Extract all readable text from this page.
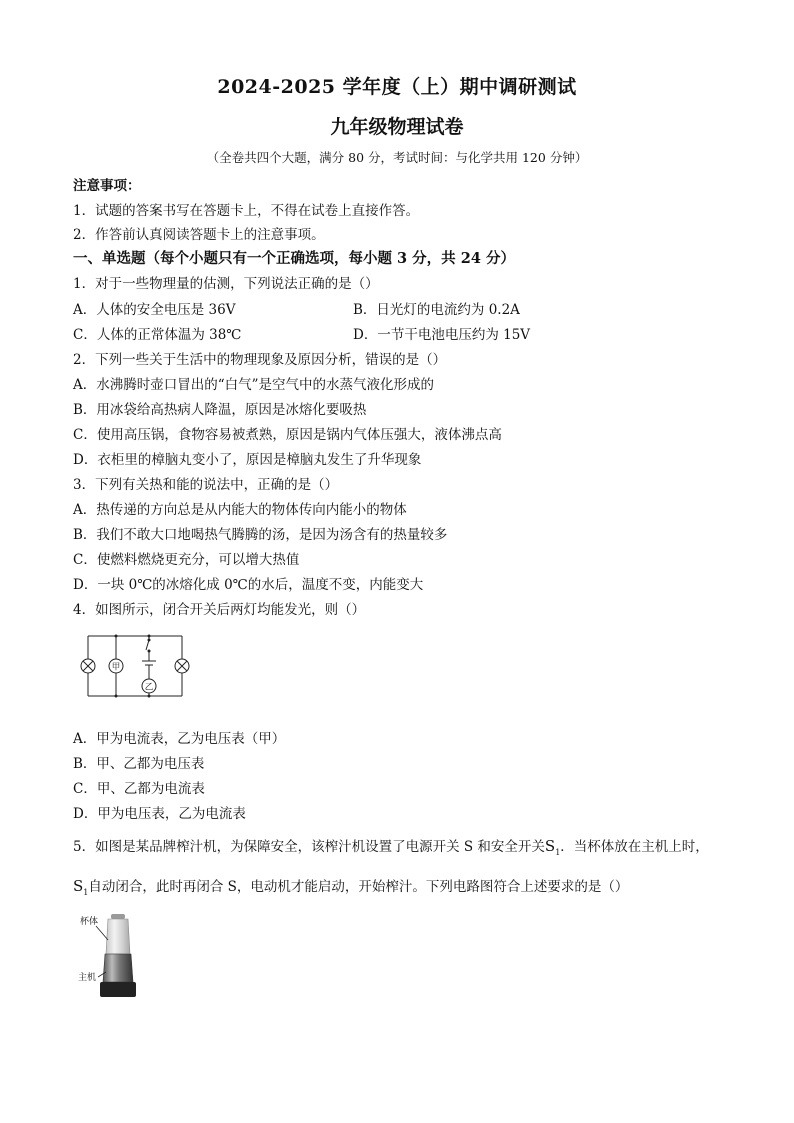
2024-2025 学年度（上）期中调研测试
九年级物理试卷
（全卷共四个大题，满分 80 分，考试时间：与化学共用 120 分钟）
注意事项：
1．试题的答案书写在答题卡上，不得在试卷上直接作答。
2．作答前认真阅读答题卡上的注意事项。
一、单选题（每个小题只有一个正确选项，每小题 3 分，共 24 分）
1．对于一些物理量的估测，下列说法正确的是（）
A．人体的安全电压是 36V	B．日光灯的电流约为 0.2A
C．人体的正常体温为 38℃	D．一节干电池电压约为 15V
2．下列一些关于生活中的物理现象及原因分析，错误的是（）
A．水沸腾时壶口冒出的“白气”是空气中的水蒸气液化形成的
B．用冰袋给高热病人降温，原因是冰熔化要吸热
C．使用高压锅，食物容易被煮熟，原因是锅内气体压强大，液体沸点高
D．衣柜里的樟脑丸变小了，原因是樟脑丸发生了升华现象
3．下列有关热和能的说法中，正确的是（）
A．热传递的方向总是从内能大的物体传向内能小的物体
B．我们不敢大口地喝热气腾腾的汤，是因为汤含有的热量较多
C．使燃料燃烧更充分，可以增大热值
D．一块 0℃的冰熔化成 0℃的水后，温度不变，内能变大
4．如图所示，闭合开关后两灯均能发光，则（）
甲
乙
A．甲为电流表，乙为电压表（甲）
B．甲、乙都为电压表
C．甲、乙都为电流表
D．甲为电压表，乙为电流表
5．如图是某品牌榨汁机，为保障安全，该榨汁机设置了电源开关 S 和安全开关$S_1$．当杯体放在主机上时，
$S_1$自动闭合，此时再闭合 S，电动机才能启动，开始榨汁。下列电路图符合上述要求的是（）
杯体
主机
